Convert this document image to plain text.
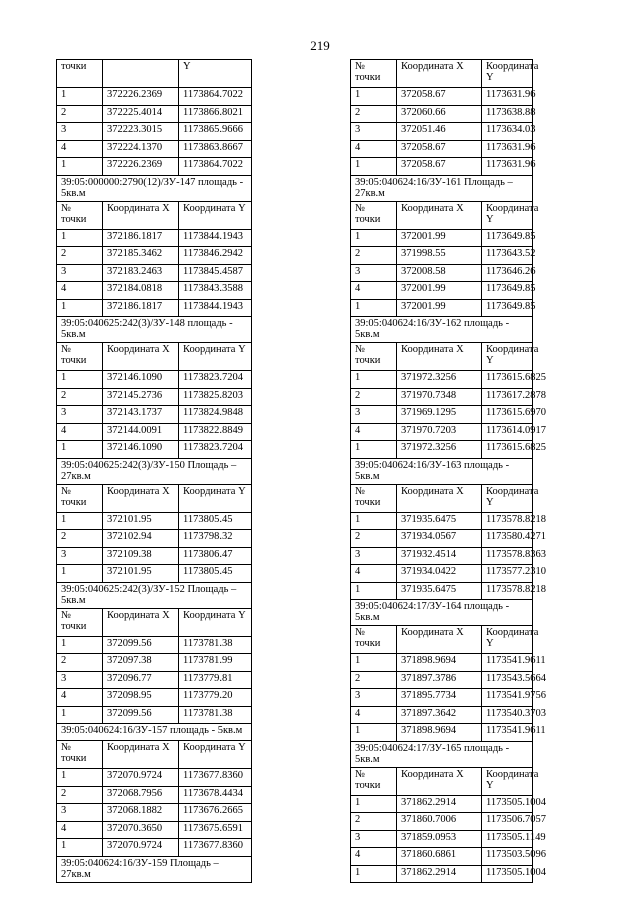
219
точки		Y
1	372226.2369	1173864.7022
2	372225.4014	1173866.8021
3	372223.3015	1173865.9666
4	372224.1370	1173863.8667
1	372226.2369	1173864.7022
39:05:000000:2790(12)/ЗУ-147 площадь - 5кв.м		
№ точки	Координата X	Координата Y
1	372186.1817	1173844.1943
2	372185.3462	1173846.2942
3	372183.2463	1173845.4587
4	372184.0818	1173843.3588
1	372186.1817	1173844.1943
39:05:040625:242(3)/ЗУ-148 площадь - 5кв.м		
№ точки	Координата X	Координата Y
1	372146.1090	1173823.7204
2	372145.2736	1173825.8203
3	372143.1737	1173824.9848
4	372144.0091	1173822.8849
1	372146.1090	1173823.7204
39:05:040625:242(3)/ЗУ-150 Площадь – 27кв.м		
№ точки	Координата X	Координата Y
1	372101.95	1173805.45
2	372102.94	1173798.32
3	372109.38	1173806.47
1	372101.95	1173805.45
39:05:040625:242(3)/ЗУ-152 Площадь – 5кв.м		
№ точки	Координата X	Координата Y
1	372099.56	1173781.38
2	372097.38	1173781.99
3	372096.77	1173779.81
4	372098.95	1173779.20
1	372099.56	1173781.38
39:05:040624:16/ЗУ-157 площадь - 5кв.м		
№ точки	Координата X	Координата Y
1	372070.9724	1173677.8360
2	372068.7956	1173678.4434
3	372068.1882	1173676.2665
4	372070.3650	1173675.6591
1	372070.9724	1173677.8360
39:05:040624:16/ЗУ-159 Площадь – 27кв.м		
№ точки	Координата X	Координата Y
1	372058.67	1173631.96
2	372060.66	1173638.88
3	372051.46	1173634.03
4	372058.67	1173631.96
1	372058.67	1173631.96
39:05:040624:16/ЗУ-161 Площадь – 27кв.м		
№ точки	Координата X	Координата Y
1	372001.99	1173649.85
2	371998.55	1173643.52
3	372008.58	1173646.26
4	372001.99	1173649.85
1	372001.99	1173649.85
39:05:040624:16/ЗУ-162 площадь - 5кв.м		
№ точки	Координата X	Координата Y
1	371972.3256	1173615.6825
2	371970.7348	1173617.2878
3	371969.1295	1173615.6970
4	371970.7203	1173614.0917
1	371972.3256	1173615.6825
39:05:040624:16/ЗУ-163 площадь - 5кв.м		
№ точки	Координата X	Координата Y
1	371935.6475	1173578.8218
2	371934.0567	1173580.4271
3	371932.4514	1173578.8363
4	371934.0422	1173577.2310
1	371935.6475	1173578.8218
39:05:040624:17/ЗУ-164 площадь - 5кв.м		
№ точки	Координата X	Координата Y
1	371898.9694	1173541.9611
2	371897.3786	1173543.5664
3	371895.7734	1173541.9756
4	371897.3642	1173540.3703
1	371898.9694	1173541.9611
39:05:040624:17/ЗУ-165 площадь - 5кв.м		
№ точки	Координата X	Координата Y
1	371862.2914	1173505.1004
2	371860.7006	1173506.7057
3	371859.0953	1173505.1149
4	371860.6861	1173503.5096
1	371862.2914	1173505.1004
